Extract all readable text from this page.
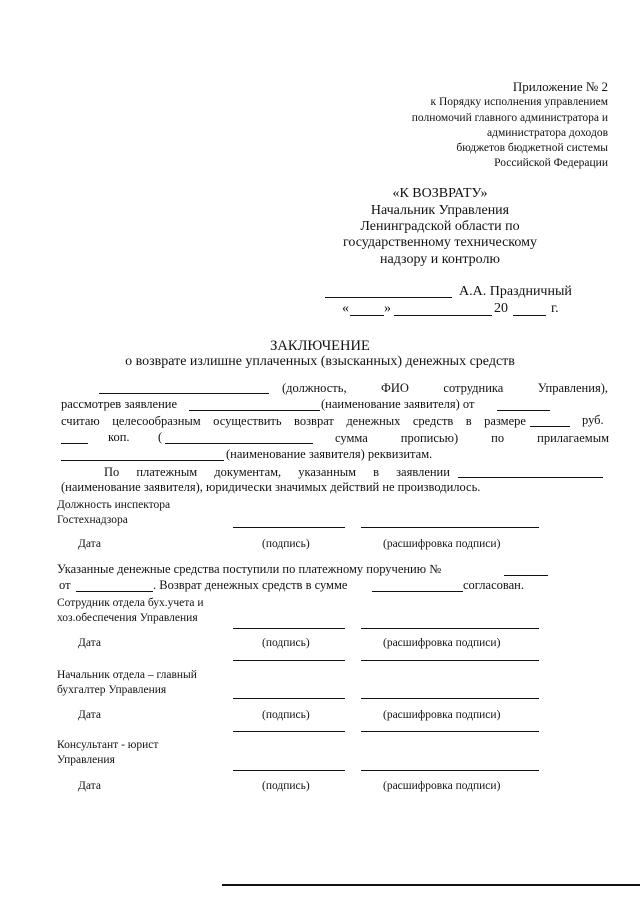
Приложение № 2
к Порядку исполнения управлением
полномочий главного администратора и
администратора доходов
бюджетов бюджетной системы
Российской Федерации
«К ВОЗВРАТУ»
Начальник Управления
Ленинградской области по
государственному техническому
надзору и контролю
А.А. Праздничный
«	»	20	г.
ЗАКЛЮЧЕНИЕ
о возврате излишне уплаченных (взысканных) денежных средств
(должность,	ФИО	сотрудника	Управления),
рассмотрев заявление	(наименование заявителя) от
считаю целесообразным осуществить возврат денежных средств в размере	руб.
коп. (	сумма	прописью)	по	прилагаемым
(наименование заявителя) реквизитам.
По платежным документам, указанным в заявлении
(наименование заявителя), юридически значимых действий не производилось.
Должность инспектора
Гостехнадзора
Дата	(подпись)	(расшифровка подписи)
Указанные денежные средства поступили по платежному поручению №
от	. Возврат денежных средств в сумме	согласован.
Сотрудник отдела бух.учета и
хоз.обеспечения Управления
Дата	(подпись)	(расшифровка подписи)
Начальник отдела – главный
бухгалтер Управления
Дата	(подпись)	(расшифровка подписи)
Консультант - юрист
Управления
Дата	(подпись)	(расшифровка подписи)
